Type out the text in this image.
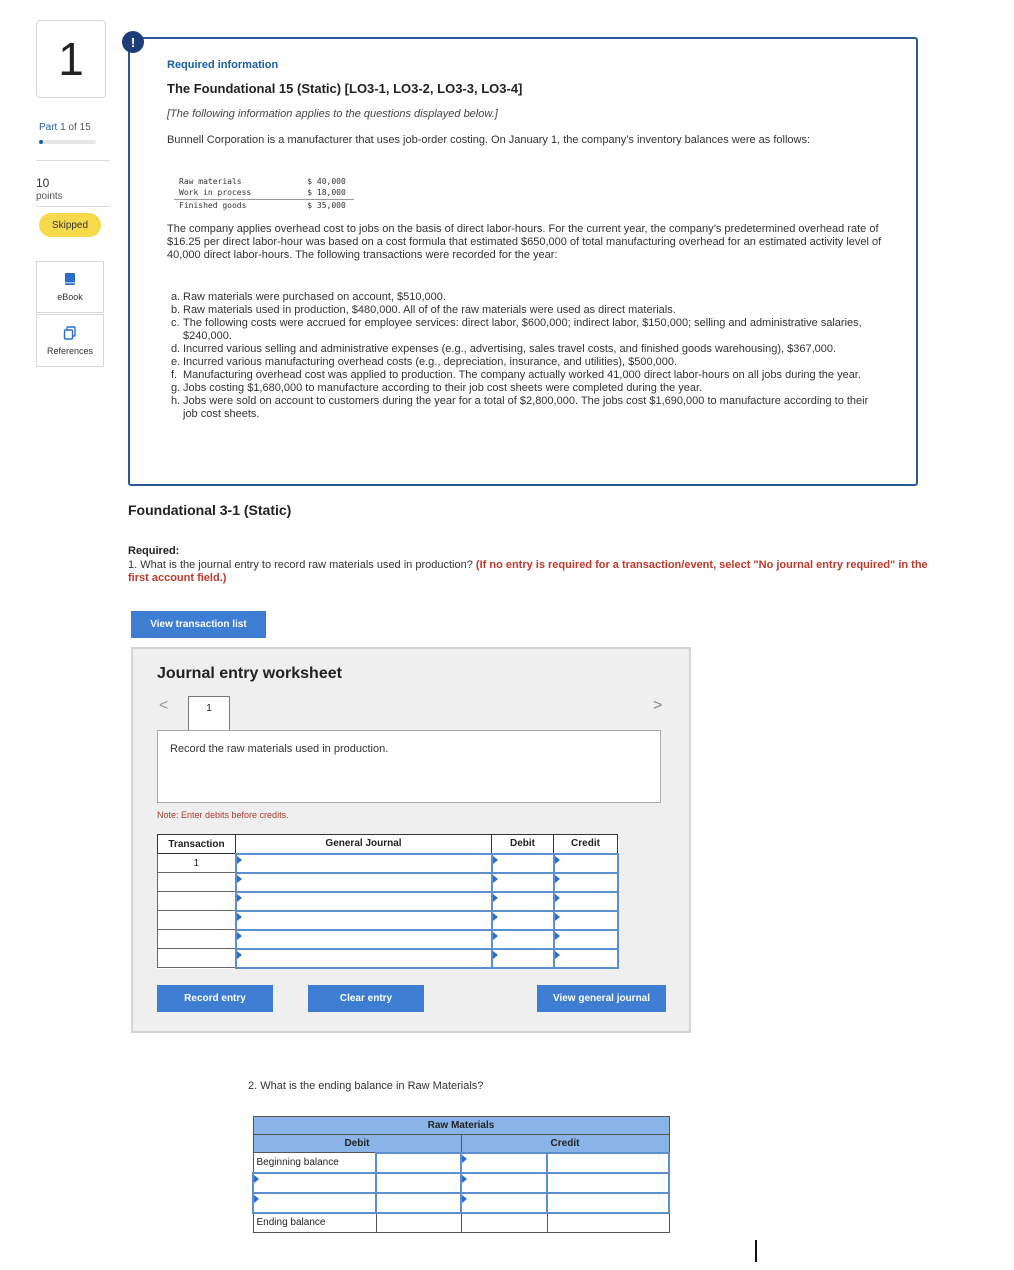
1
Part 1 of 15
10
points
Skipped
eBook
References
Required information
The Foundational 15 (Static) [LO3-1, LO3-2, LO3-3, LO3-4]
[The following information applies to the questions displayed below.]
Bunnell Corporation is a manufacturer that uses job-order costing. On January 1, the company’s inventory balances were as follows:
Raw materials	$ 40,000
Work in process	$ 18,000
Finished goods	$ 35,000
The company applies overhead cost to jobs on the basis of direct labor-hours. For the current year, the company’s predetermined overhead rate of $16.25 per direct labor-hour was based on a cost formula that estimated $650,000 of total manufacturing overhead for an estimated activity level of 40,000 direct labor-hours. The following transactions were recorded for the year:
a. Raw materials were purchased on account, $510,000.
b. Raw materials used in production, $480,000. All of of the raw materials were used as direct materials.
c. The following costs were accrued for employee services: direct labor, $600,000; indirect labor, $150,000; selling and administrative salaries, $240,000.
d. Incurred various selling and administrative expenses (e.g., advertising, sales travel costs, and finished goods warehousing), $367,000.
e. Incurred various manufacturing overhead costs (e.g., depreciation, insurance, and utilities), $500,000.
f. Manufacturing overhead cost was applied to production. The company actually worked 41,000 direct labor-hours on all jobs during the year.
g. Jobs costing $1,680,000 to manufacture according to their job cost sheets were completed during the year.
h. Jobs were sold on account to customers during the year for a total of $2,800,000. The jobs cost $1,690,000 to manufacture according to their job cost sheets.
!
Foundational 3-1 (Static)
Required:
1. What is the journal entry to record raw materials used in production? (If no entry is required for a transaction/event, select "No journal entry required" in the first account field.)
View transaction list
Journal entry worksheet
<	1	>
Record the raw materials used in production.
Note: Enter debits before credits.
Transaction	General Journal	Debit	Credit
1	

Record entry	Clear entry	View general journal
2. What is the ending balance in Raw Materials?
Raw Materials			
Debit		Credit	
Beginning balance		

Ending balance			
